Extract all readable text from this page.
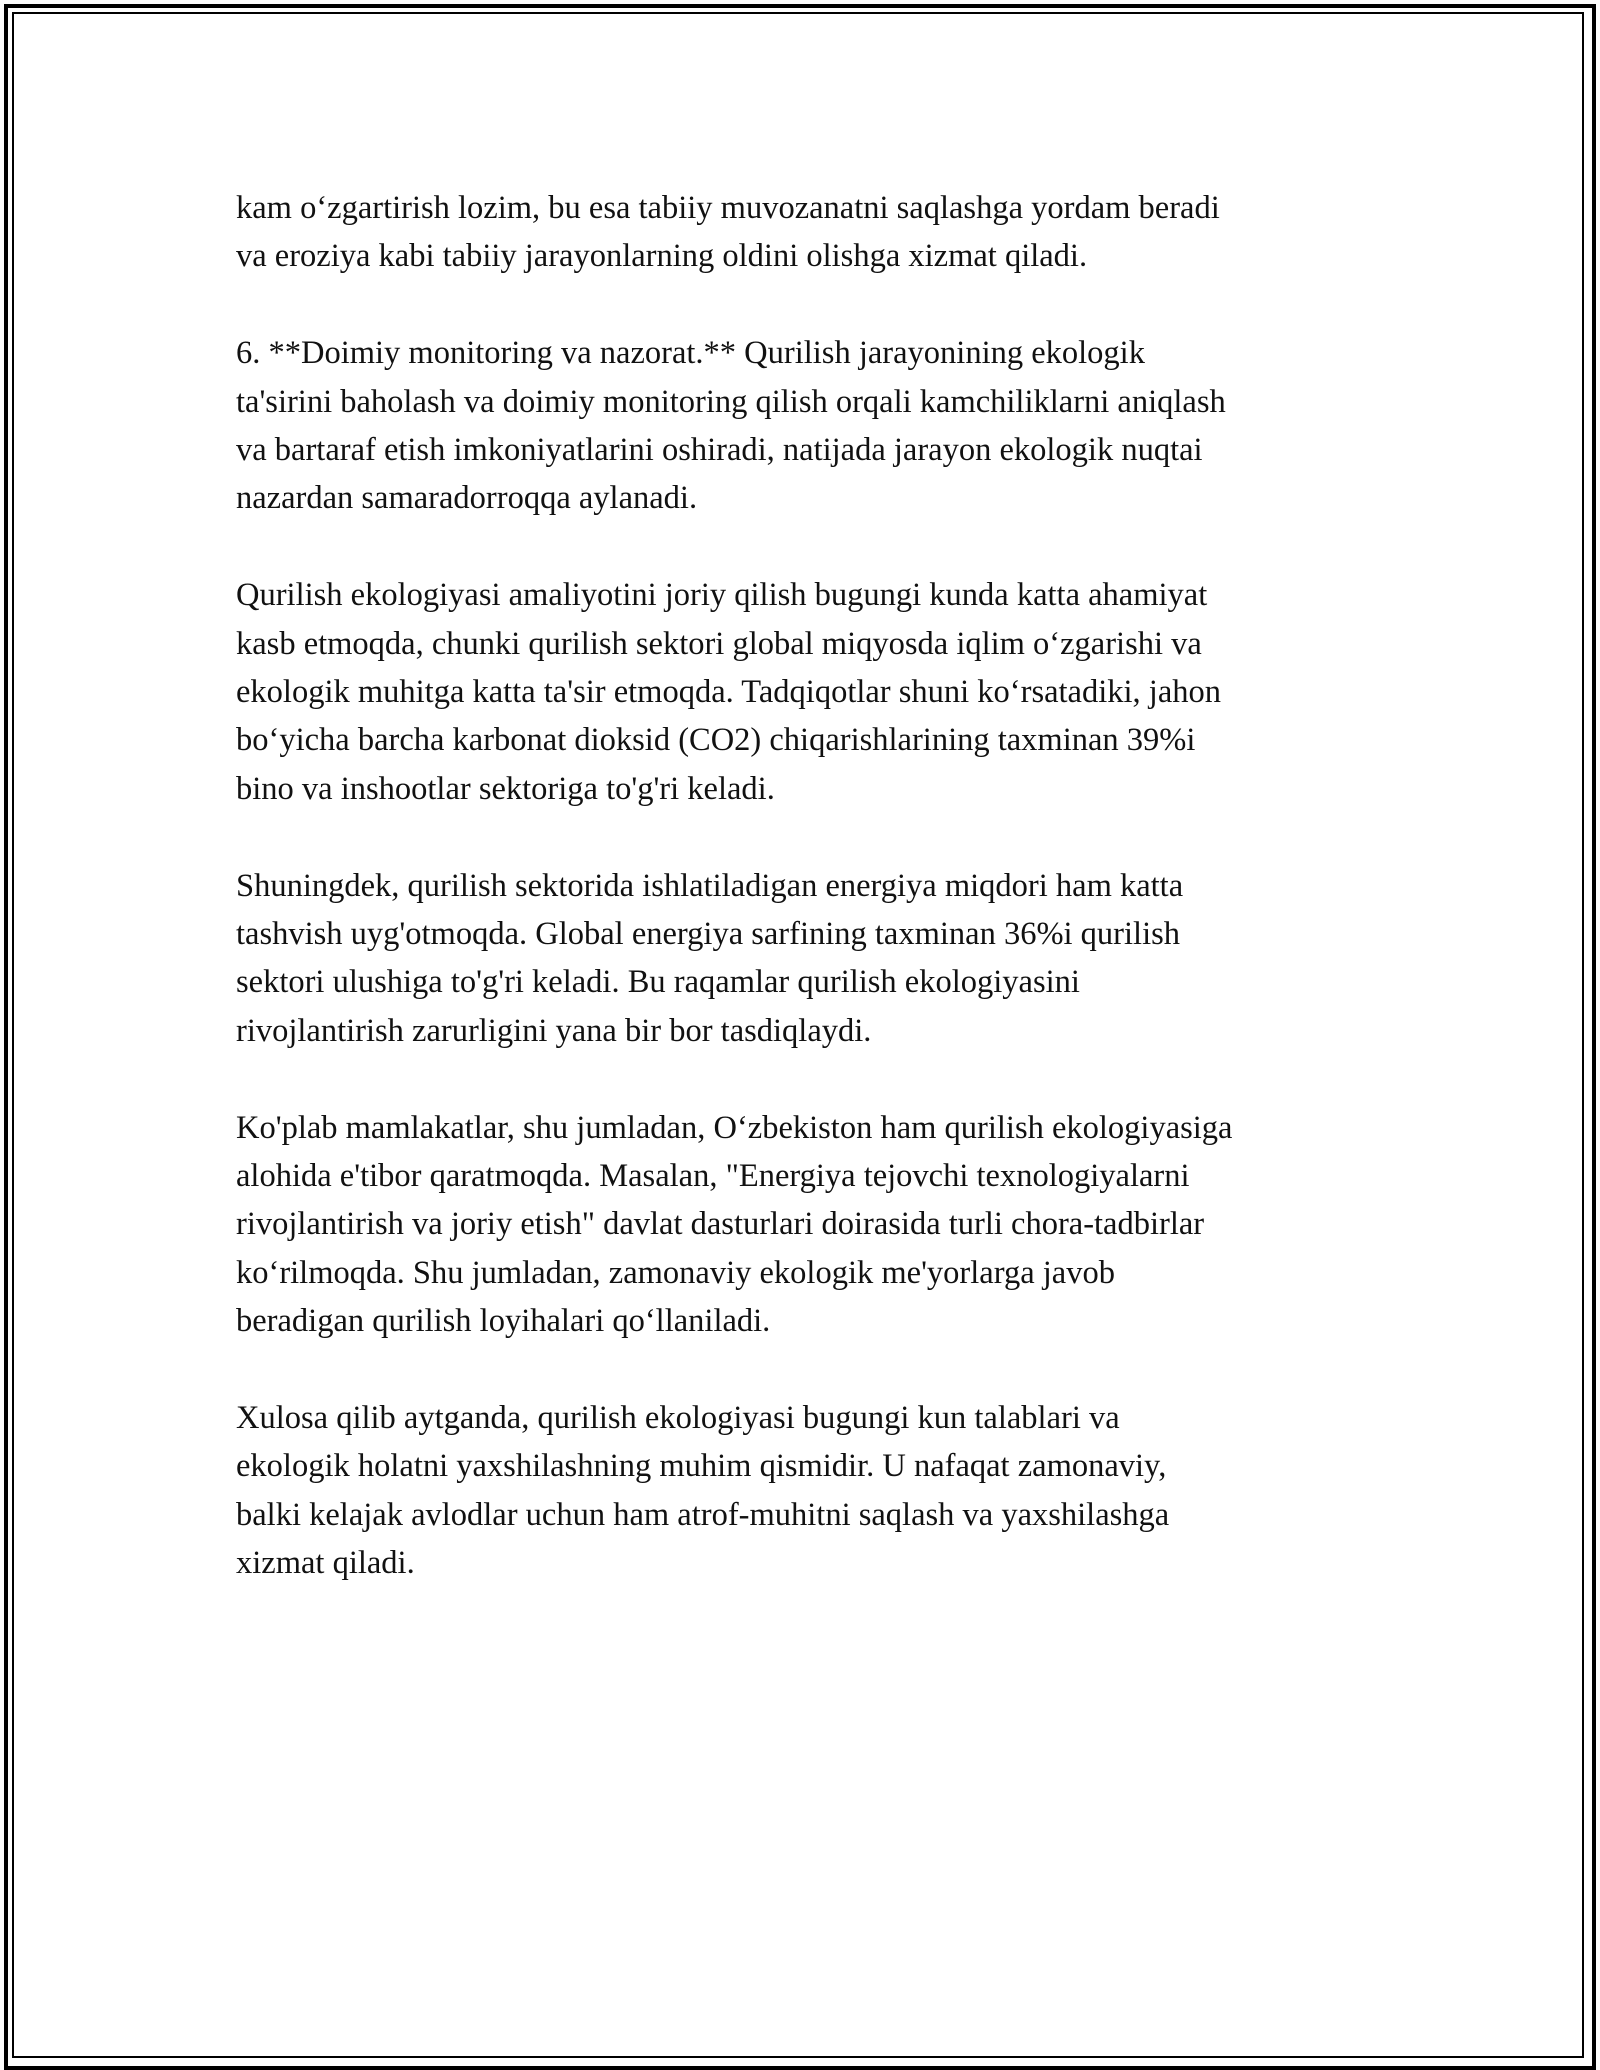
kam o‘zgartirish lozim, bu esa tabiiy muvozanatni saqlashga yordam beradi
va eroziya kabi tabiiy jarayonlarning oldini olishga xizmat qiladi.

6. **Doimiy monitoring va nazorat.** Qurilish jarayonining ekologik
ta'sirini baholash va doimiy monitoring qilish orqali kamchiliklarni aniqlash
va bartaraf etish imkoniyatlarini oshiradi, natijada jarayon ekologik nuqtai
nazardan samaradorroqqa aylanadi.

Qurilish ekologiyasi amaliyotini joriy qilish bugungi kunda katta ahamiyat
kasb etmoqda, chunki qurilish sektori global miqyosda iqlim o‘zgarishi va
ekologik muhitga katta ta'sir etmoqda. Tadqiqotlar shuni ko‘rsatadiki, jahon
bo‘yicha barcha karbonat dioksid (CO2) chiqarishlarining taxminan 39%i
bino va inshootlar sektoriga to'g'ri keladi.

Shuningdek, qurilish sektorida ishlatiladigan energiya miqdori ham katta
tashvish uyg'otmoqda. Global energiya sarfining taxminan 36%i qurilish
sektori ulushiga to'g'ri keladi. Bu raqamlar qurilish ekologiyasini
rivojlantirish zarurligini yana bir bor tasdiqlaydi.

Ko'plab mamlakatlar, shu jumladan, O‘zbekiston ham qurilish ekologiyasiga
alohida e'tibor qaratmoqda. Masalan, "Energiya tejovchi texnologiyalarni
rivojlantirish va joriy etish" davlat dasturlari doirasida turli chora-tadbirlar
ko‘rilmoqda. Shu jumladan, zamonaviy ekologik me'yorlarga javob
beradigan qurilish loyihalari qo‘llaniladi.

Xulosa qilib aytganda, qurilish ekologiyasi bugungi kun talablari va
ekologik holatni yaxshilashning muhim qismidir. U nafaqat zamonaviy,
balki kelajak avlodlar uchun ham atrof-muhitni saqlash va yaxshilashga
xizmat qiladi.
